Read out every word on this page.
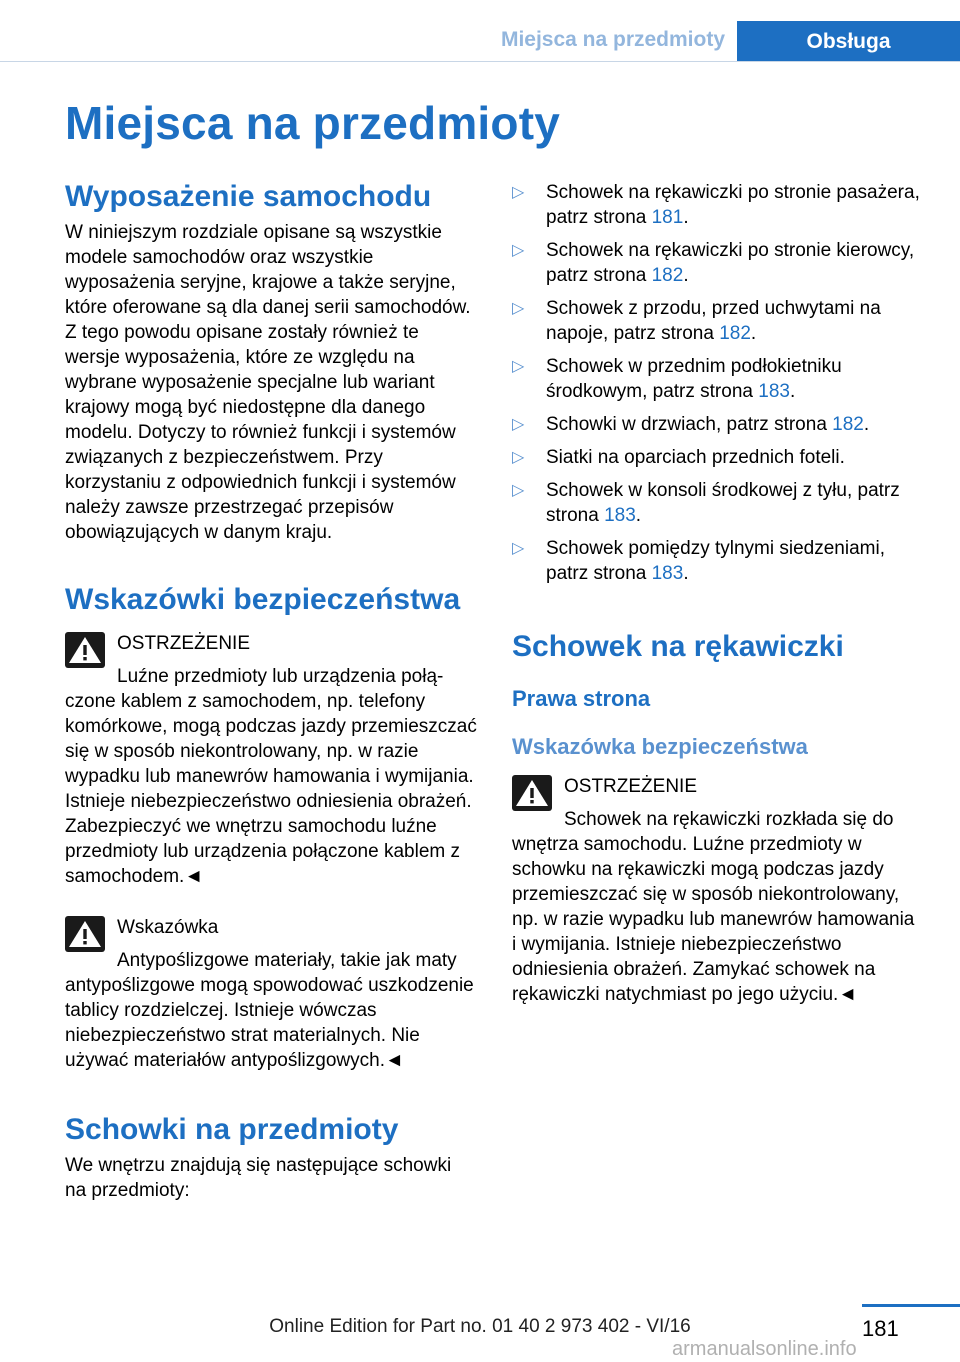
Miejsca na przedmioty	Obsługa
Miejsca na przedmioty
Wyposażenie samochodu

W niniejszym rozdziale opisane są wszystkie modele samochodów oraz wszystkie wyposażenia seryjne, krajowe a także seryjne, które oferowane są dla danej serii samochodów. Z tego powodu opisane zostały również te wersje wyposażenia, które ze względu na wybrane wyposażenie specjalne lub wariant krajowy mogą być niedostępne dla danego modelu. Dotyczy to również funkcji i systemów związanych z bezpieczeństwem. Przy korzystaniu z odpowiednich funkcji i systemów należy zawsze przestrzegać przepisów obowiązujących w danym kraju.

Wskazówki bezpieczeństwa
OSTRZEŻENIE
Luźne przedmioty lub urządzenia połą-
czone kablem z samochodem, np. telefony komórkowe, mogą podczas jazdy przemieszczać się w sposób niekontrolowany, np. w razie wypadku lub manewrów hamowania i wymijania. Istnieje niebezpieczeństwo odniesienia obrażeń. Zabezpieczyć we wnętrzu samochodu luźne przedmioty lub urządzenia połączone kablem z samochodem.◄
Wskazówka
Antypoślizgowe materiały, takie jak maty
antypoślizgowe mogą spowodować uszkodzenie tablicy rozdzielczej. Istnieje wówczas niebezpieczeństwo strat materialnych. Nie używać materiałów antypoślizgowych.◄
Schowki na przedmioty

We wnętrzu znajdują się następujące schowki na przedmioty:

▷ Schowek na rękawiczki po stronie pasażera, patrz strona 181.
▷ Schowek na rękawiczki po stronie kierowcy, patrz strona 182.
▷ Schowek z przodu, przed uchwytami na napoje, patrz strona 182.
▷ Schowek w przednim podłokietniku środkowym, patrz strona 183.
▷ Schowki w drzwiach, patrz strona 182.
▷ Siatki na oparciach przednich foteli.
▷ Schowek w konsoli środkowej z tyłu, patrz strona 183.
▷ Schowek pomiędzy tylnymi siedzeniami, patrz strona 183.
Schowek na rękawiczki
Prawa strona
Wskazówka bezpieczeństwa
OSTRZEŻENIE
Schowek na rękawiczki rozkłada się do
wnętrza samochodu. Luźne przedmioty w schowku na rękawiczki mogą podczas jazdy przemieszczać się w sposób niekontrolowany, np. w razie wypadku lub manewrów hamowania i wymijania. Istnieje niebezpieczeństwo odniesienia obrażeń. Zamykać schowek na rękawiczki natychmiast po jego użyciu.◄
181
Online Edition for Part no. 01 40 2 973 402 - VI/16
armanualsonline.info
